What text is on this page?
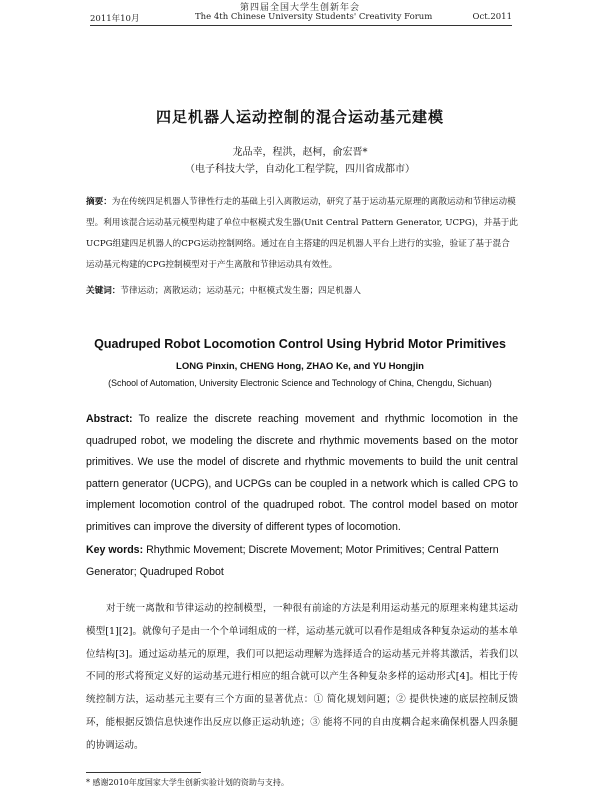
第四届全国大学生创新年会
2011年10月	The 4th Chinese University Students' Creativity Forum	Oct.2011
四足机器人运动控制的混合运动基元建模
龙品幸，程洪，赵柯，俞宏晋*
（电子科技大学，自动化工程学院，四川省成都市）
摘要：为在传统四足机器人节律性行走的基础上引入离散运动，研究了基于运动基元原理的离散运动和节律运动模型。利用该混合运动基元模型构建了单位中枢模式发生器(Unit Central Pattern Generator, UCPG)，并基于此UCPG组建四足机器人的CPG运动控制网络。通过在自主搭建的四足机器人平台上进行的实验，验证了基于混合运动基元构建的CPG控制模型对于产生离散和节律运动具有效性。
关键词：节律运动；离散运动；运动基元；中枢模式发生器；四足机器人
Quadruped Robot Locomotion Control Using Hybrid Motor Primitives
LONG Pinxin, CHENG Hong, ZHAO Ke, and YU Hongjin
(School of Automation, University Electronic Science and Technology of China, Chengdu, Sichuan)
Abstract: To realize the discrete reaching movement and rhythmic locomotion in the quadruped robot, we modeling the discrete and rhythmic movements based on the motor primitives. We use the model of discrete and rhythmic movements to build the unit central pattern generator (UCPG), and UCPGs can be coupled in a network which is called CPG to implement locomotion control of the quadruped robot. The control model based on motor primitives can improve the diversity of different types of locomotion.
Key words: Rhythmic Movement; Discrete Movement; Motor Primitives; Central Pattern Generator; Quadruped Robot
对于统一离散和节律运动的控制模型，一种很有前途的方法是利用运动基元的原理来构建其运动模型[1][2]。就像句子是由一个个单词组成的一样，运动基元就可以看作是组成各种复杂运动的基本单位结构[3]。通过运动基元的原理，我们可以把运动理解为选择适合的运动基元并将其激活，若我们以不同的形式将预定义好的运动基元进行相应的组合就可以产生各种复杂多样的运动形式[4]。相比于传统控制方法，运动基元主要有三个方面的显著优点：① 简化规划问题；② 提供快速的底层控制反馈环，能根据反馈信息快速作出反应以修正运动轨迹；③ 能将不同的自由度耦合起来确保机器人四条腿的协调运动。
* 感谢2010年度国家大学生创新实验计划的资助与支持。
